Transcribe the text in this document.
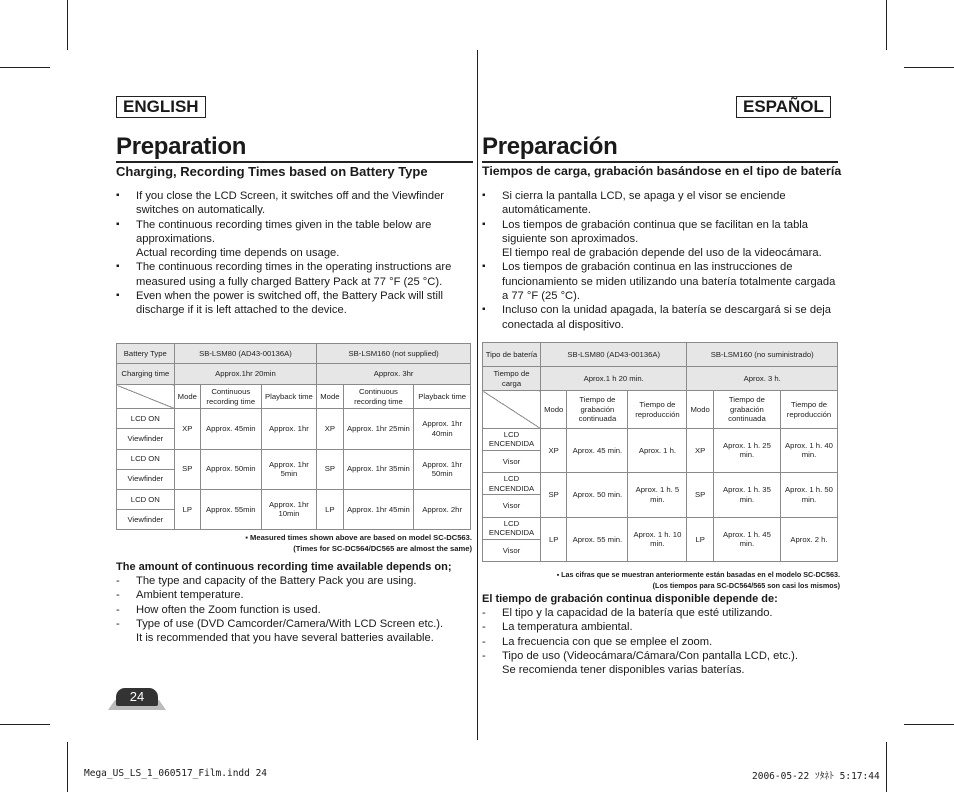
ENGLISH
Preparation
Charging, Recording Times based on Battery Type
▪ If you close the LCD Screen, it switches off and the Viewfinder
switches on automatically.
▪ The continuous recording times given in the table below are
approximations.
Actual recording time depends on usage.
▪ The continuous recording times in the operating instructions are
measured using a fully charged Battery Pack at 77 °F (25 °C).
▪ Even when the power is switched off, the Battery Pack will still
discharge if it is left attached to the device.
Battery Type	SB-LSM80 (AD43-00136A)			SB-LSM160 (not supplied)		
Charging time	Approx.1hr 20min			Approx. 3hr		
	Mode	Continuous recording time	Playback time	Mode	Continuous recording time	Playback time
LCD ON	XP	Approx. 45min	Approx. 1hr	XP	Approx. 1hr 25min	Approx. 1hr 40min
Viewfinder						
LCD ON	SP	Approx. 50min	Approx. 1hr 5min	SP	Approx. 1hr 35min	Approx. 1hr 50min
Viewfinder						
LCD ON	LP	Approx. 55min	Approx. 1hr 10min	LP	Approx. 1hr 45min	Approx. 2hr
Viewfinder						
▪ Measured times shown above are based on model SC-DC563.
(Times for SC-DC564/DC565 are almost the same)
The amount of continuous recording time available depends on;
- The type and capacity of the Battery Pack you are using.
- Ambient temperature.
- How often the Zoom function is used.
- Type of use (DVD Camcorder/Camera/With LCD Screen etc.).
It is recommended that you have several batteries available.
ESPAÑOL
Preparación
Tiempos de carga, grabación basándose en el tipo de batería
▪ Si cierra la pantalla LCD, se apaga y el visor se enciende
automáticamente.
▪ Los tiempos de grabación continua que se facilitan en la tabla
siguiente son aproximados.
El tiempo real de grabación depende del uso de la videocámara.
▪ Los tiempos de grabación continua en las instrucciones de
funcionamiento se miden utilizando una batería totalmente cargada
a 77 °F (25 °C).
▪ Incluso con la unidad apagada, la batería se descargará si se deja
conectada al dispositivo.
Tipo de batería	SB-LSM80 (AD43-00136A)			SB-LSM160 (no suministrado)		
Tiempo de carga	Aprox.1 h 20 min.			Aprox. 3 h.		
	Modo	Tiempo de grabación continuada	Tiempo de reproducción	Modo	Tiempo de grabación continuada	Tiempo de reproducción
LCD ENCENDIDA	XP	Aprox. 45 min.	Aprox. 1 h.	XP	Aprox. 1 h. 25 min.	Aprox. 1 h. 40 min.
Visor						
LCD ENCENDIDA	SP	Aprox. 50 min.	Aprox. 1 h. 5 min.	SP	Aprox. 1 h. 35 min.	Aprox. 1 h. 50 min.
Visor						
LCD ENCENDIDA	LP	Aprox. 55 min.	Aprox. 1 h. 10 min.	LP	Aprox. 1 h. 45 min.	Aprox. 2 h.
Visor						
▪ Las cifras que se muestran anteriormente están basadas en el modelo SC-DC563.
(Los tiempos para SC-DC564/565 son casi los mismos)
El tiempo de grabación continua disponible depende de:
- El tipo y la capacidad de la batería que esté utilizando.
- La temperatura ambiental.
- La frecuencia con que se emplee el zoom.
- Tipo de uso (Videocámara/Cámara/Con pantalla LCD, etc.).
Se recomienda tener disponibles varias baterías.
24
Mega_US_LS_1_060517_Film.indd 24	2006-05-22 ｿﾀﾈﾄ 5:17:44
